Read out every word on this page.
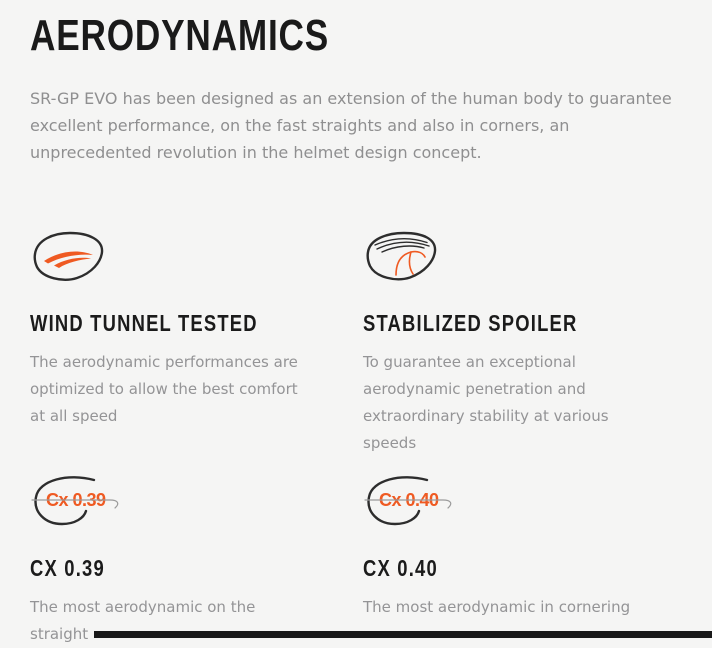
AERODYNAMICS

SR-GP EVO has been designed as an extension of the human body to guarantee excellent performance, on the fast straights and also in corners, an unprecedented revolution in the helmet design concept.

WIND TUNNEL TESTED

The aerodynamic performances are optimized to allow the best comfort at all speed

STABILIZED SPOILER

To guarantee an exceptional aerodynamic penetration and extraordinary stability at various speeds

Cx 0.39
CX 0.39

The most aerodynamic on the straight

Cx 0.40
CX 0.40

The most aerodynamic in cornering
